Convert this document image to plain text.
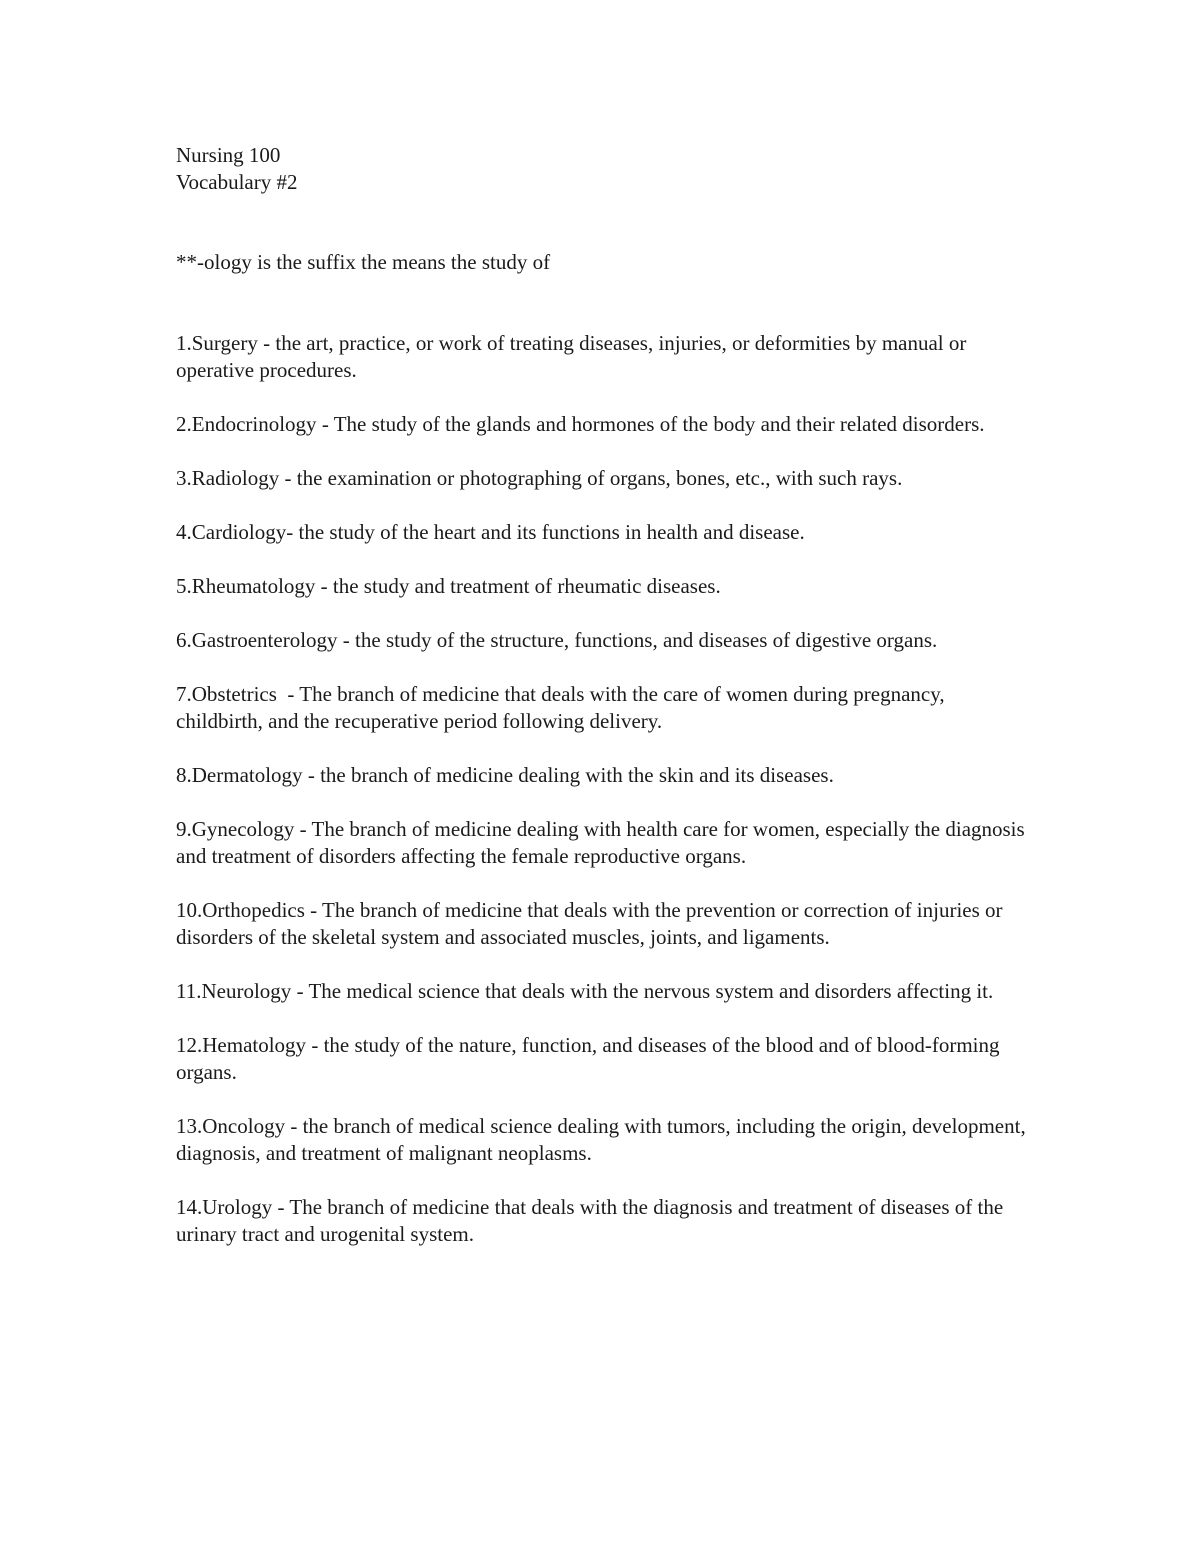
Nursing 100
Vocabulary #2

**-ology is the suffix the means the study of

1.Surgery - the art, practice, or work of treating diseases, injuries, or deformities by manual or operative procedures.
2.Endocrinology - The study of the glands and hormones of the body and their related disorders.
3.Radiology - the examination or photographing of organs, bones, etc., with such rays.
4.Cardiology- the study of the heart and its functions in health and disease.
5.Rheumatology - the study and treatment of rheumatic diseases.
6.Gastroenterology - the study of the structure, functions, and diseases of digestive organs.
7.Obstetrics  - The branch of medicine that deals with the care of women during pregnancy, childbirth, and the recuperative period following delivery.
8.Dermatology - the branch of medicine dealing with the skin and its diseases.
9.Gynecology - The branch of medicine dealing with health care for women, especially the diagnosis and treatment of disorders affecting the female reproductive organs.
10.Orthopedics - The branch of medicine that deals with the prevention or correction of injuries or disorders of the skeletal system and associated muscles, joints, and ligaments.
11.Neurology - The medical science that deals with the nervous system and disorders affecting it.
12.Hematology - the study of the nature, function, and diseases of the blood and of blood-forming organs.
13.Oncology - the branch of medical science dealing with tumors, including the origin, development, diagnosis, and treatment of malignant neoplasms.
14.Urology - The branch of medicine that deals with the diagnosis and treatment of diseases of the urinary tract and urogenital system.
